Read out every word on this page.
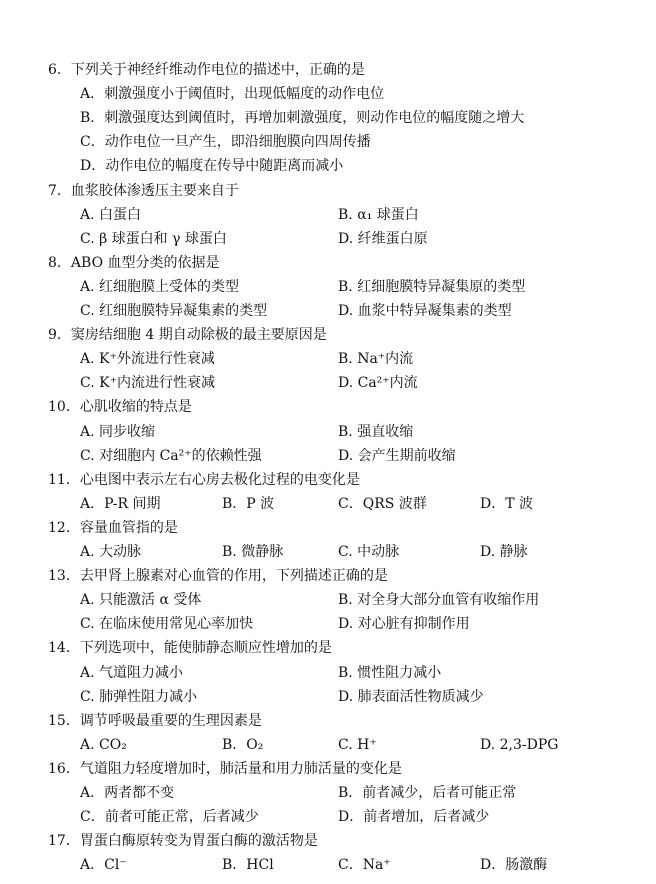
6．下列关于神经纤维动作电位的描述中，正确的是
A．刺激强度小于阈值时，出现低幅度的动作电位
B．刺激强度达到阈值时，再增加刺激强度，则动作电位的幅度随之增大
C．动作电位一旦产生，即沿细胞膜向四周传播
D．动作电位的幅度在传导中随距离而减小
7．血浆胶体渗透压主要来自于
A. 白蛋白	B. α₁ 球蛋白
C. β 球蛋白和 γ 球蛋白	D. 纤维蛋白原
8．ABO 血型分类的依据是
A. 红细胞膜上受体的类型	B. 红细胞膜特异凝集原的类型
C. 红细胞膜特异凝集素的类型	D. 血浆中特异凝集素的类型
9．窦房结细胞 4 期自动除极的最主要原因是
A. K⁺外流进行性衰减	B. Na⁺内流
C. K⁺内流进行性衰减	D. Ca²⁺内流
10．心肌收缩的特点是
A. 同步收缩	B. 强直收缩
C. 对细胞内 Ca²⁺的依赖性强	D. 会产生期前收缩
11．心电图中表示左右心房去极化过程的电变化是
A．P-R 间期	B．P 波	C．QRS 波群	D．T 波
12．容量血管指的是
A. 大动脉	B. 微静脉	C. 中动脉	D. 静脉
13．去甲肾上腺素对心血管的作用，下列描述正确的是
A. 只能激活 α 受体	B. 对全身大部分血管有收缩作用
C. 在临床使用常见心率加快	D. 对心脏有抑制作用
14．下列选项中，能使肺静态顺应性增加的是
A. 气道阻力减小	B. 惯性阻力减小
C. 肺弹性阻力减小	D. 肺表面活性物质减少
15．调节呼吸最重要的生理因素是
A. CO₂	B．O₂	C. H⁺	D. 2,3-DPG
16．气道阻力轻度增加时，肺活量和用力肺活量的变化是
A．两者都不变	B．前者减少，后者可能正常
C．前者可能正常，后者减少	D．前者增加，后者减少
17．胃蛋白酶原转变为胃蛋白酶的激活物是
A．Cl⁻	B．HCl	C．Na⁺	D．肠激酶
